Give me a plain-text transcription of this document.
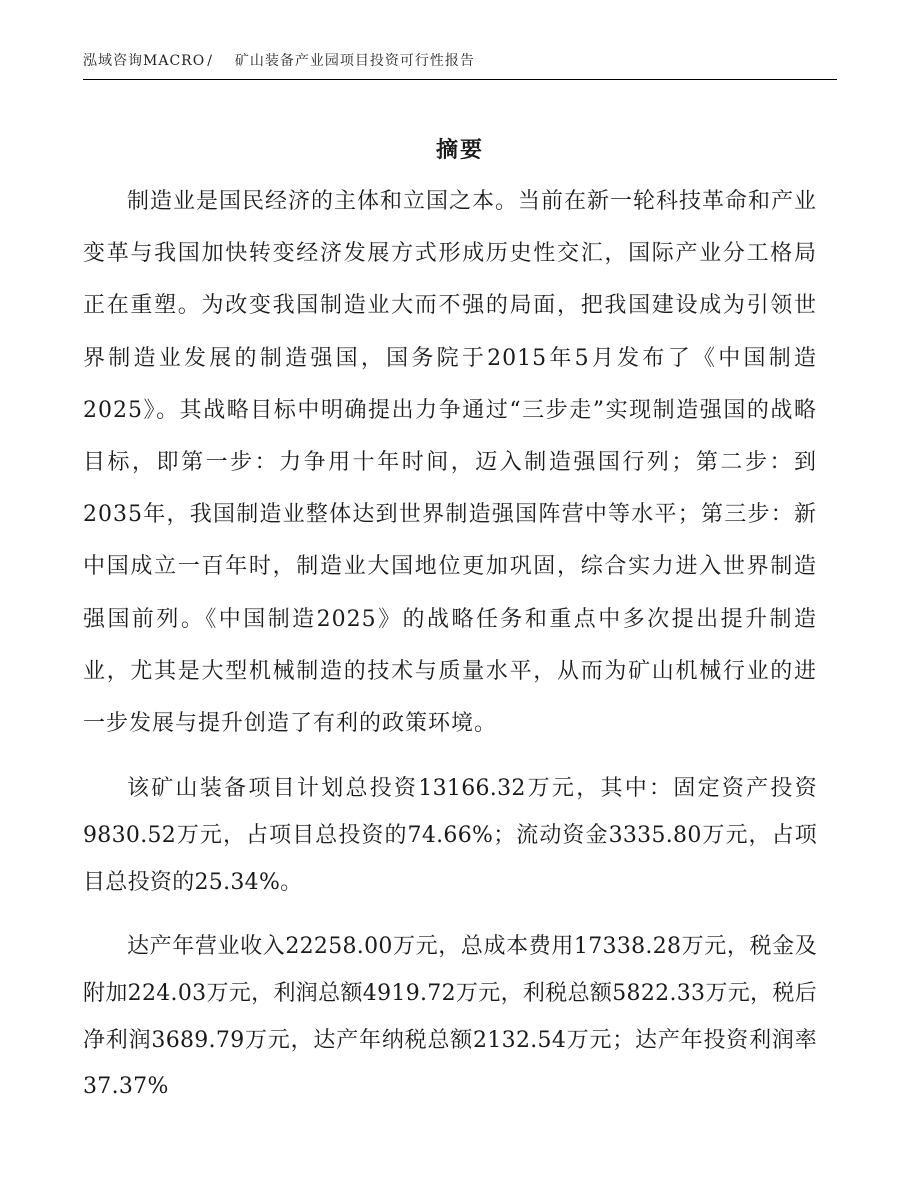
泓域咨询MACRO / 矿山装备产业园项目投资可行性报告
摘要

制造业是国民经济的主体和立国之本。当前在新一轮科技革命和产业变革与我国加快转变经济发展方式形成历史性交汇，国际产业分工格局正在重塑。为改变我国制造业大而不强的局面，把我国建设成为引领世界制造业发展的制造强国，国务院于2015年5月发布了《中国制造2025》。其战略目标中明确提出力争通过“三步走”实现制造强国的战略目标，即第一步：力争用十年时间，迈入制造强国行列；第二步：到2035年，我国制造业整体达到世界制造强国阵营中等水平；第三步：新中国成立一百年时，制造业大国地位更加巩固，综合实力进入世界制造强国前列。《中国制造2025》的战略任务和重点中多次提出提升制造业，尤其是大型机械制造的技术与质量水平，从而为矿山机械行业的进一步发展与提升创造了有利的政策环境。

该矿山装备项目计划总投资13166.32万元，其中：固定资产投资9830.52万元，占项目总投资的74.66%；流动资金3335.80万元，占项目总投资的25.34%。

达产年营业收入22258.00万元，总成本费用17338.28万元，税金及附加224.03万元，利润总额4919.72万元，利税总额5822.33万元，税后净利润3689.79万元，达产年纳税总额2132.54万元；达产年投资利润率37.37%
